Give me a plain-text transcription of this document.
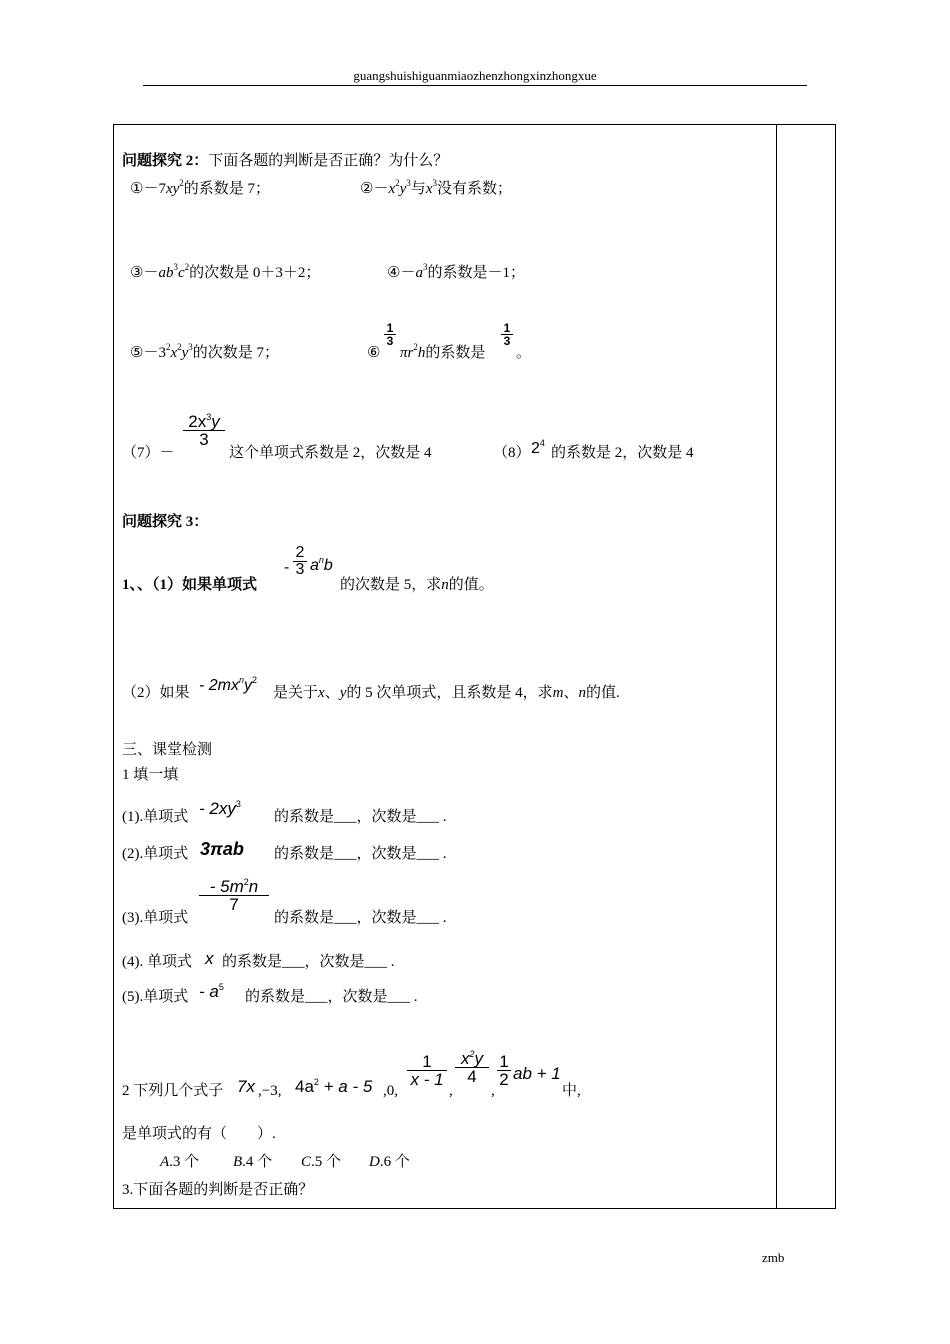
guangshuishiguanmiaozhenzhongxinzhongxue
问题探究 2：下面各题的判断是否正确？为什么？
$①-7xy^2$的系数是 7；	$②-x^2y^3$与$x^3$没有系数；
$③-ab^3c^2$的次数是 0＋3＋2；	$④-a^3$的系数是－1；
$⑤-3^2x^2y^3$的次数是 7；	⑥
1
3
$\pi r^2h$的系数是
1
3
。
（7）－
$2x^3y$
3
这个单项式系数是 2，次数是 4	（8） $2^4$
的系数是 2，次数是 4
问题探究 3：
1、、（1）如果单项式
-
2
3 $a^nb$
的次数是 5，求n的值。
（2）如果 - $2mx^ny^2$
是关于x、y的 5 次单项式，且系数是 4，求m、n的值.
三、课堂检测
1 填一填
(1).单项式 - $2xy^3$
的系数是___，次数是___ .
(2).单项式 3πab 的系数是___，次数是___ .
(3).单项式
- $5m^2n$
7
的系数是___，次数是___ .
(4). 单项式 x 的系数是___，次数是___ .
(5).单项式 - $a^5$
的系数是___，次数是___ .
2 下列几个式子 7x ,−3, $4a^2 + a - 5$ ,0,
1
x - 1
,
$x^2y$
4
,
1
2 ab + 1
中,
是单项式的有（　　）.
A.3 个 B.4 个 C.5 个 D.6 个
3.下面各题的判断是否正确？
zmb
